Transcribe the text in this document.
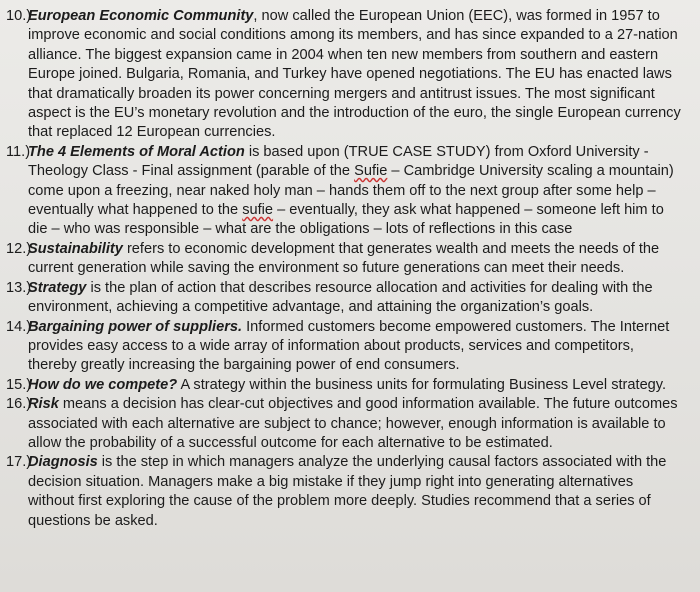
10.)
European Economic Community, now called the European Union (EEC), was formed in 1957 to improve economic and social conditions among its members, and has since expanded to a 27-nation alliance. The biggest expansion came in 2004 when ten new members from southern and eastern Europe joined. Bulgaria, Romania, and Turkey have opened negotiations. The EU has enacted laws that dramatically broaden its power concerning mergers and antitrust issues. The most significant aspect is the EU’s monetary revolution and the introduction of the euro, the single European currency that replaced 12 European currencies.

11.)
The 4 Elements of Moral Action is based upon (TRUE CASE STUDY) from Oxford University - Theology Class - Final assignment (parable of the Sufie – Cambridge University scaling a mountain) come upon a freezing, near naked holy man – hands them off to the next group after some help – eventually what happened to the sufie – eventually, they ask what happened – someone left him to die – who was responsible – what are the obligations – lots of reflections in this case

12.)
Sustainability refers to economic development that generates wealth and meets the needs of the current generation while saving the environment so future generations can meet their needs.

13.)
Strategy is the plan of action that describes resource allocation and activities for dealing with the environment, achieving a competitive advantage, and attaining the organization’s goals.

14.)
Bargaining power of suppliers. Informed customers become empowered customers. The Internet provides easy access to a wide array of information about products, services and competitors, thereby greatly increasing the bargaining power of end consumers.

15.)
How do we compete? A strategy within the business units for formulating Business Level strategy.

16.)
Risk means a decision has clear-cut objectives and good information available. The future outcomes associated with each alternative are subject to chance; however, enough information is available to allow the probability of a successful outcome for each alternative to be estimated.

17.)
Diagnosis is the step in which managers analyze the underlying causal factors associated with the decision situation. Managers make a big mistake if they jump right into generating alternatives without first exploring the cause of the problem more deeply. Studies recommend that a series of questions be asked.
